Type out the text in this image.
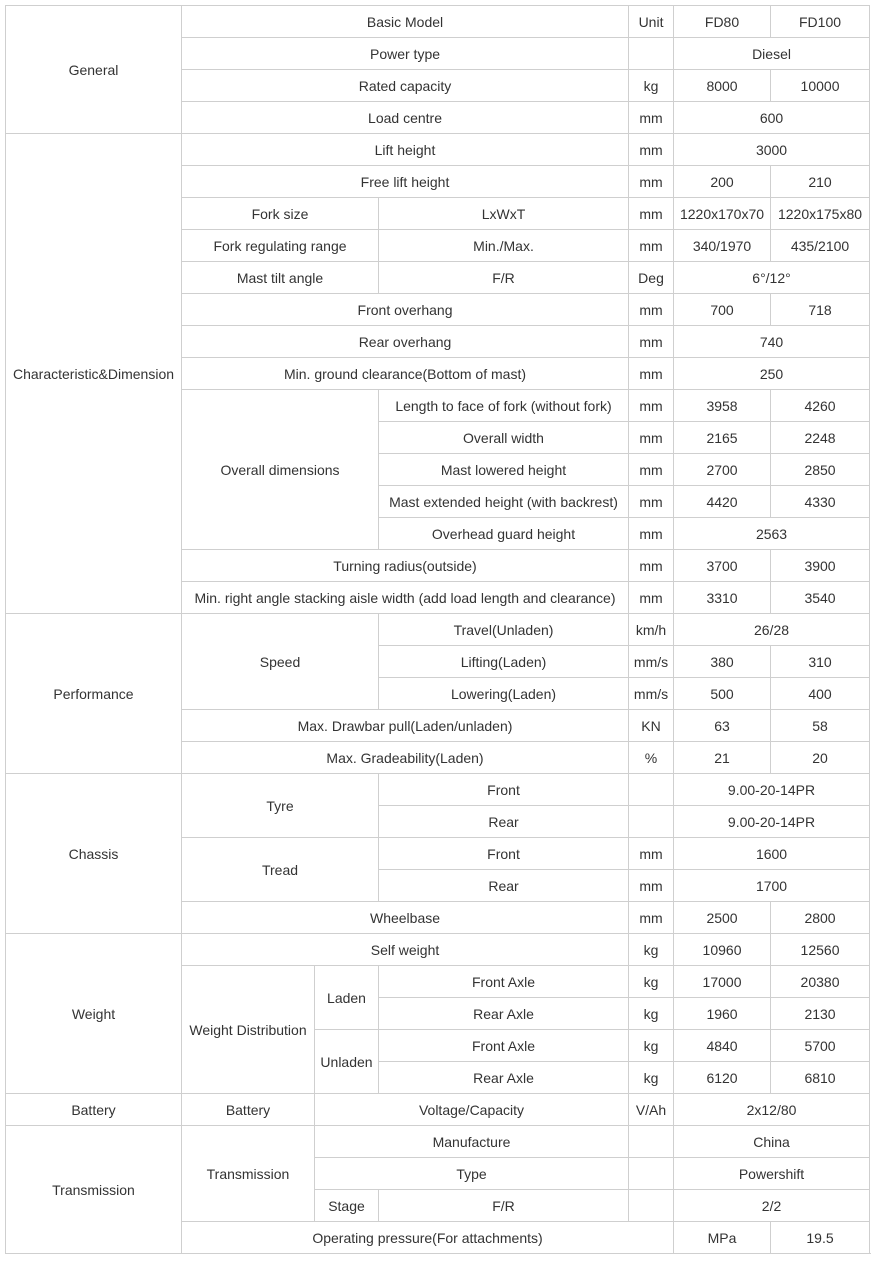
General	Basic Model			Unit	FD80	FD100
	Power type				Diesel	
	Rated capacity			kg	8000	10000
	Load centre			mm	600	
Characteristic&Dimension	Lift height			mm	3000	
	Free lift height			mm	200	210
	Fork size		LxWxT	mm	1220x170x70	1220x175x80
	Fork regulating range		Min./Max.	mm	340/1970	435/2100
	Mast tilt angle		F/R	Deg	6°/12°	
	Front overhang			mm	700	718
	Rear overhang			mm	740	
	Min. ground clearance(Bottom of mast)			mm	250	
	Overall dimensions		Length to face of fork (without fork)	mm	3958	4260
			Overall width	mm	2165	2248
			Mast lowered height	mm	2700	2850
			Mast extended height (with backrest)	mm	4420	4330
			Overhead guard height	mm	2563	
	Turning radius(outside)			mm	3700	3900
	Min. right angle stacking aisle width (add load length and clearance)			mm	3310	3540
Performance	Speed		Travel(Unladen)	km/h	26/28	
			Lifting(Laden)	mm/s	380	310
			Lowering(Laden)	mm/s	500	400
	Max. Drawbar pull(Laden/unladen)			KN	63	58
	Max. Gradeability(Laden)			%	21	20
Chassis	Tyre		Front		9.00-20-14PR	
			Rear		9.00-20-14PR	
	Tread		Front	mm	1600	
			Rear	mm	1700	
	Wheelbase			mm	2500	2800
Weight	Self weight			kg	10960	12560
	Weight Distribution	Laden	Front Axle	kg	17000	20380
			Rear Axle	kg	1960	2130
		Unladen	Front Axle	kg	4840	5700
			Rear Axle	kg	6120	6810
Battery	Battery	Voltage/Capacity		V/Ah	2x12/80	
Transmission	Transmission	Manufacture			China	
		Type			Powershift	
		Stage	F/R		2/2	
	Operating pressure(For attachments)				MPa	19.5
